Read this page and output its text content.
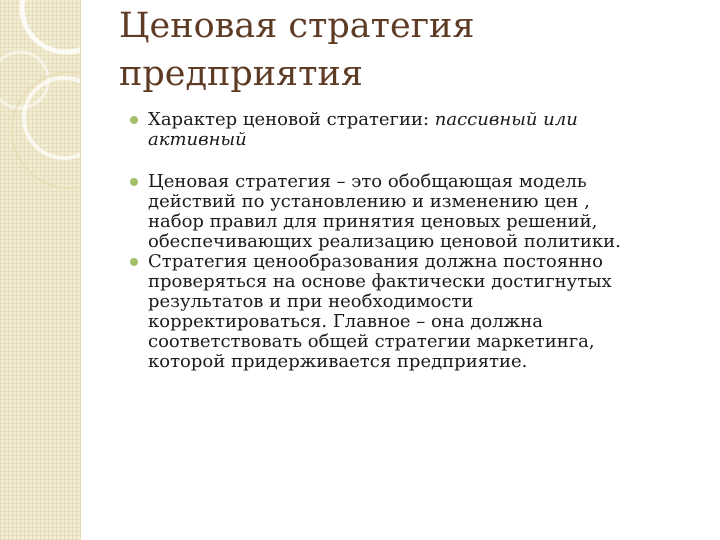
Ценовая стратегия
предприятия
Характер ценовой стратегии: пассивный или
активный
Ценовая стратегия – это обобщающая модель
действий по установлению и изменению цен ,
набор правил для принятия ценовых решений,
обеспечивающих реализацию ценовой политики.
Стратегия ценообразования должна постоянно
проверяться на основе фактически достигнутых
результатов и при необходимости
корректироваться. Главное – она должна
соответствовать общей стратегии маркетинга,
которой придерживается предприятие.
